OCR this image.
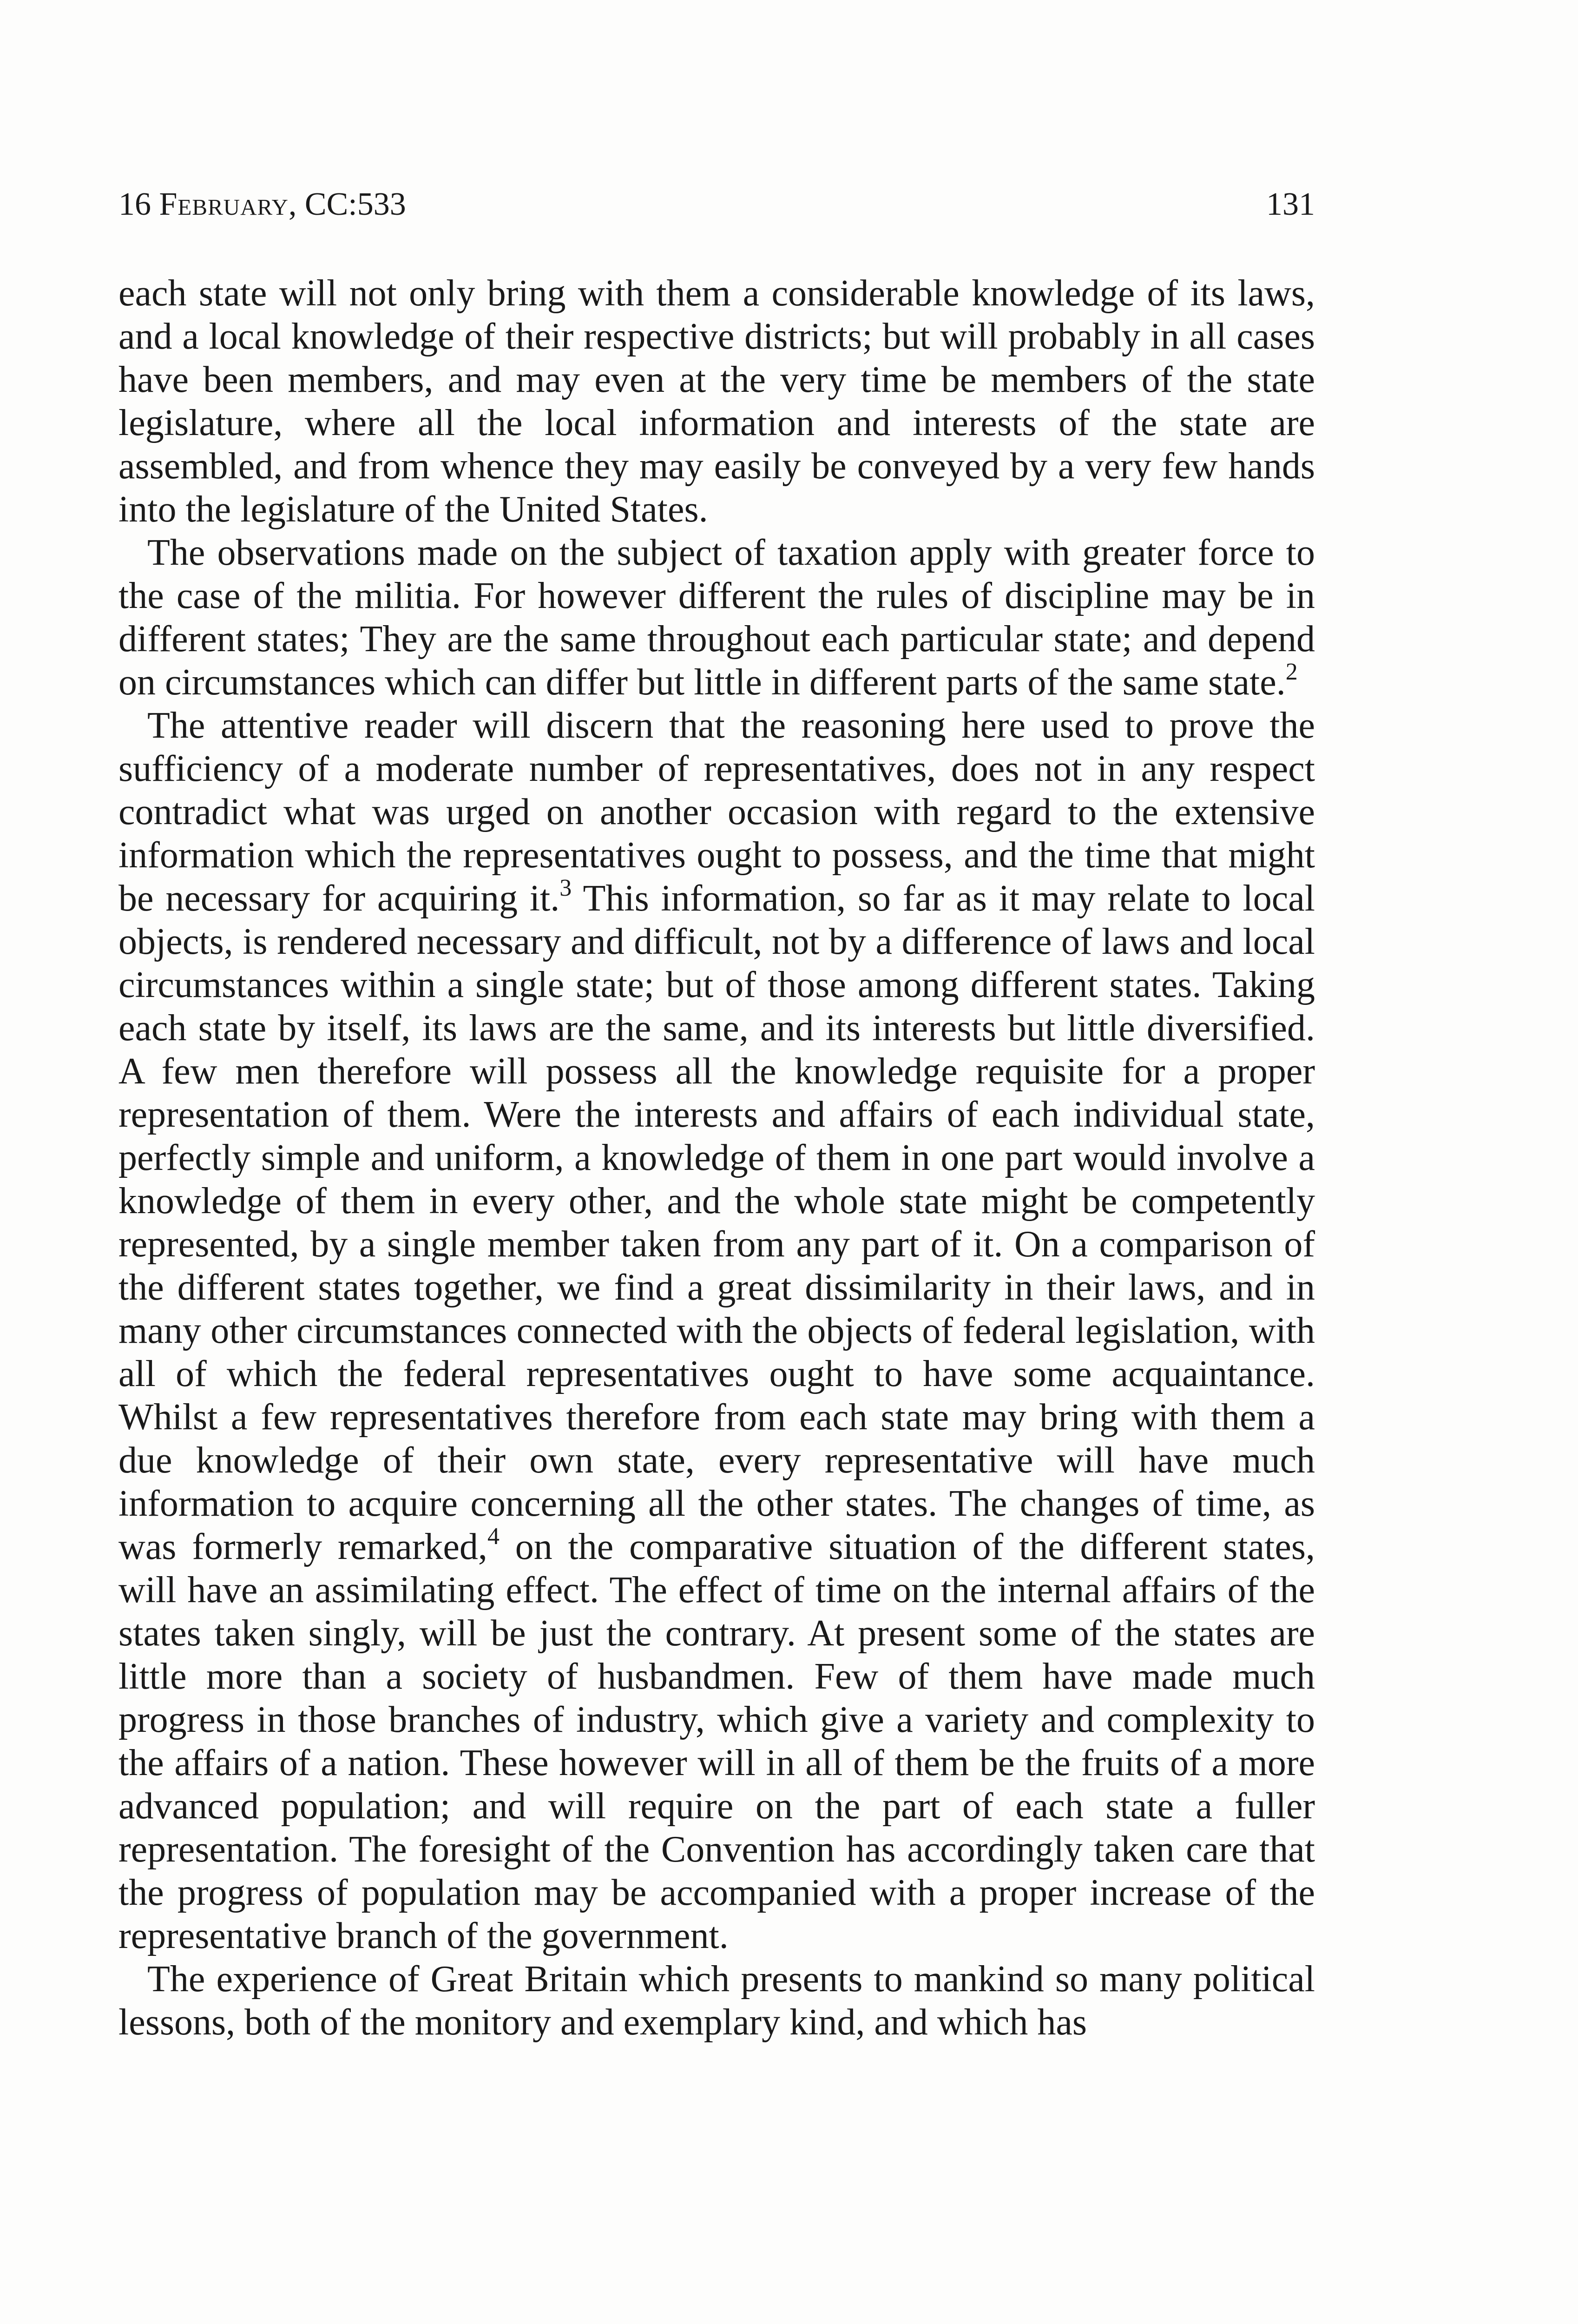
16 February, CC:533	131

each state will not only bring with them a considerable knowledge of its laws, and a local knowledge of their respective districts; but will probably in all cases have been members, and may even at the very time be members of the state legislature, where all the local information and interests of the state are assembled, and from whence they may easily be conveyed by a very few hands into the legislature of the United States.

The observations made on the subject of taxation apply with greater force to the case of the militia. For however different the rules of discipline may be in different states; They are the same throughout each particular state; and depend on circumstances which can differ but little in different parts of the same state.$^2$

The attentive reader will discern that the reasoning here used to prove the sufficiency of a moderate number of representatives, does not in any respect contradict what was urged on another occasion with regard to the extensive information which the representatives ought to possess, and the time that might be necessary for acquiring it.$^3$ This information, so far as it may relate to local objects, is rendered necessary and difficult, not by a difference of laws and local circumstances within a single state; but of those among different states. Taking each state by itself, its laws are the same, and its interests but little diversified. A few men therefore will possess all the knowledge requisite for a proper representation of them. Were the interests and affairs of each individual state, perfectly simple and uniform, a knowledge of them in one part would involve a knowledge of them in every other, and the whole state might be competently represented, by a single member taken from any part of it. On a comparison of the different states together, we find a great dissimilarity in their laws, and in many other circumstances connected with the objects of federal legislation, with all of which the federal representatives ought to have some acquaintance. Whilst a few representatives therefore from each state may bring with them a due knowledge of their own state, every representative will have much information to acquire concerning all the other states. The changes of time, as was formerly remarked,$^4$ on the comparative situation of the different states, will have an assimilating effect. The effect of time on the internal affairs of the states taken singly, will be just the contrary. At present some of the states are little more than a society of husbandmen. Few of them have made much progress in those branches of industry, which give a variety and complexity to the affairs of a nation. These however will in all of them be the fruits of a more advanced population; and will require on the part of each state a fuller representation. The foresight of the Convention has accordingly taken care that the progress of population may be accompanied with a proper increase of the representative branch of the government.

The experience of Great Britain which presents to mankind so many political lessons, both of the monitory and exemplary kind, and which has
